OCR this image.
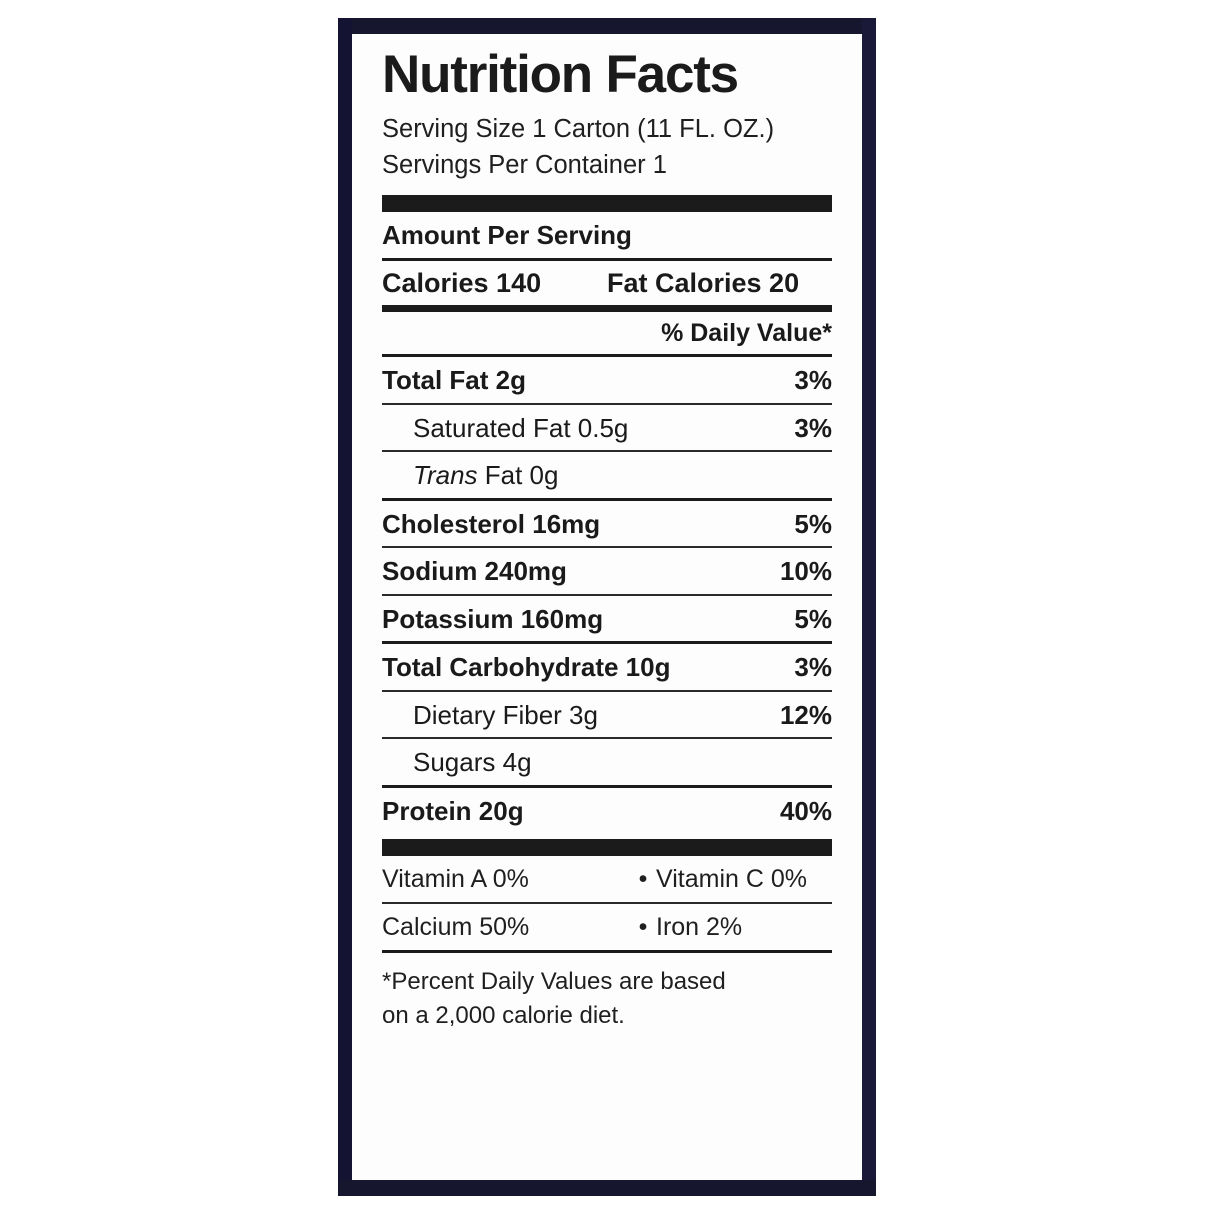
Nutrition Facts
Serving Size 1 Carton (11 FL. OZ.)
Servings Per Container 1
Amount Per Serving
Calories 140	Fat Calories 20
% Daily Value*
Total Fat 2g	3%
Saturated Fat 0.5g	3%
Trans Fat 0g
Cholesterol 16mg	5%
Sodium 240mg	10%
Potassium 160mg	5%
Total Carbohydrate 10g	3%
Dietary Fiber 3g	12%
Sugars 4g
Protein 20g	40%
Vitamin A 0%	• Vitamin C 0%
Calcium 50%	• Iron 2%
*Percent Daily Values are based
on a 2,000 calorie diet.
